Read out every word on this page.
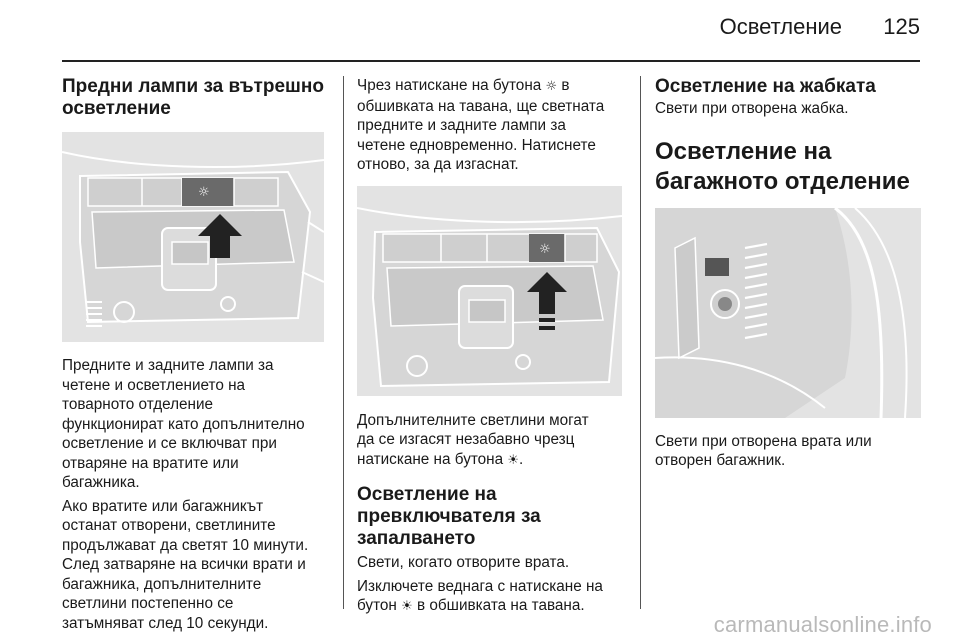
Осветление 125
Предни лампи за вътрешно
осветление
☼

Предните и задните лампи за
четене и осветлението на
товарното отделение
функционират като допълнително
осветление и се включват при
отваряне на вратите или
багажника.

Ако вратите или багажникът
останат отворени, светлините
продължават да светят 10 минути.
След затваряне на всички врати и
багажника, допълнителните
светлини постепенно се
затъмняват след 10 секунди.

Чрез натискане на бутона ☼ в
обшивката на тавана, ще светната
предните и задните лампи за
четене едновременно. Натиснете
отново, за да изгаснат.

☼

Допълнителните светлини могат
да се изгасят незабавно чрезц
натискане на бутона ☀.

Осветление на
превключвателя за
запалването

Свети, когато отворите врата.

Изключете веднага с натискане на
бутон ☀ в обшивката на тавана.

Осветление на жабката

Свети при отворена жабка.

Осветление на
багажното отделение

Свети при отворена врата или
отворен багажник.

carmanualsonline.info
